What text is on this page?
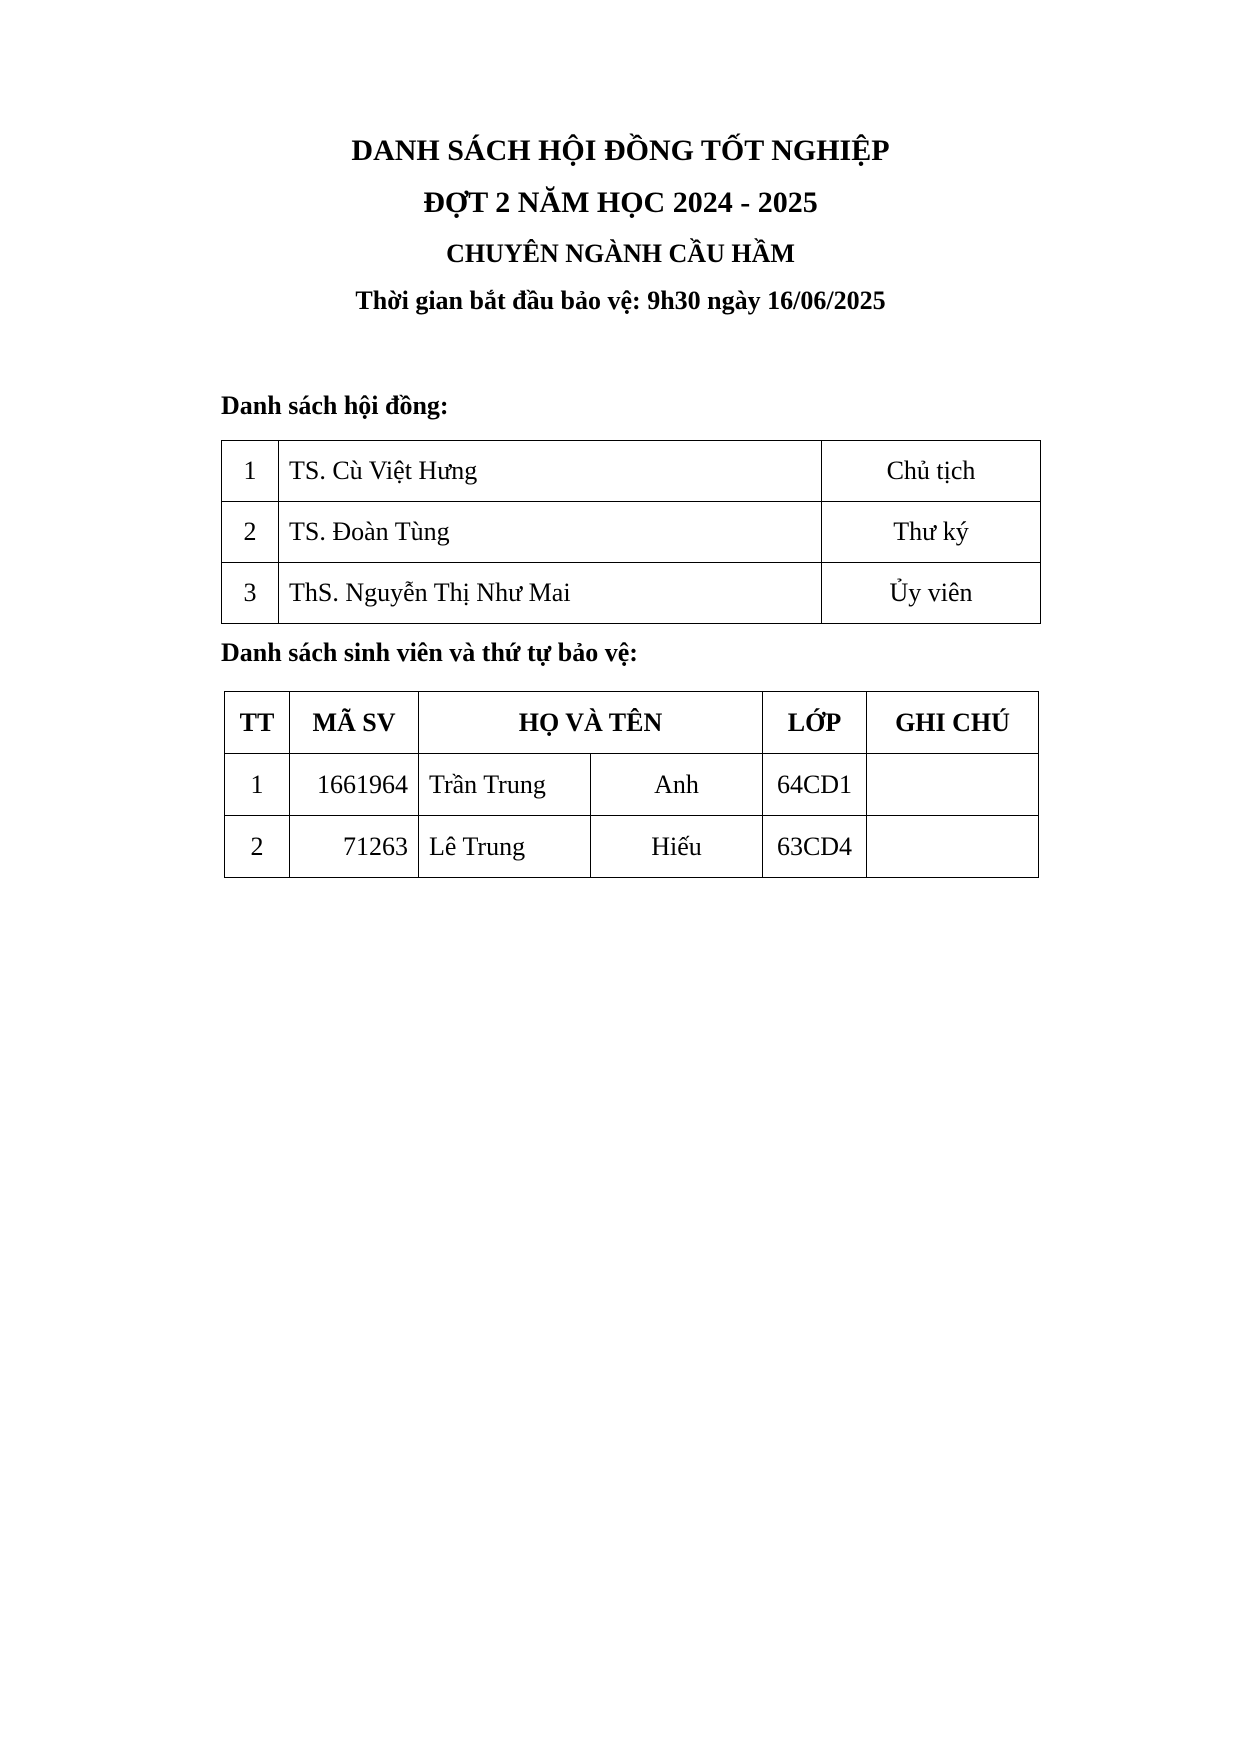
DANH SÁCH HỘI ĐỒNG TỐT NGHIỆP
ĐỢT 2 NĂM HỌC 2024 - 2025
CHUYÊN NGÀNH CẦU HẦM
Thời gian bắt đầu bảo vệ: 9h30 ngày 16/06/2025
Danh sách hội đồng:
1	TS. Cù Việt Hưng	Chủ tịch
2	TS. Đoàn Tùng	Thư ký
3	ThS. Nguyễn Thị Như Mai	Ủy viên
Danh sách sinh viên và thứ tự bảo vệ:
TT	MÃ SV	HỌ VÀ TÊN		LỚP	GHI CHÚ
1	1661964	Trần Trung	Anh	64CD1	
2	71263	Lê Trung	Hiếu	63CD4	
